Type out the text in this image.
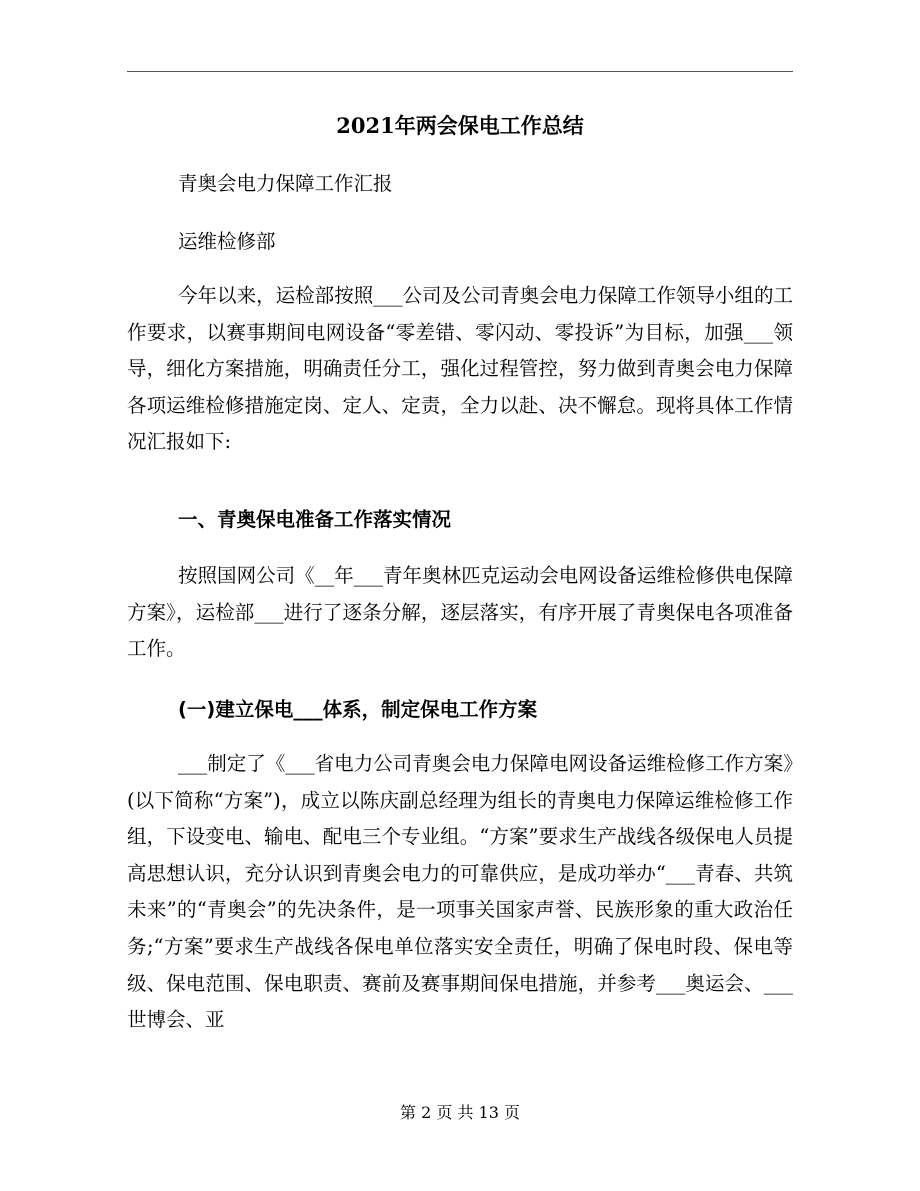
2021年两会保电工作总结
青奥会电力保障工作汇报
运维检修部
今年以来，运检部按照___公司及公司青奥会电力保障工作领导小组的工作要求，以赛事期间电网设备“零差错、零闪动、零投诉”为目标，加强___领导，细化方案措施，明确责任分工，强化过程管控，努力做到青奥会电力保障各项运维检修措施定岗、定人、定责，全力以赴、决不懈怠。现将具体工作情况汇报如下:
一、青奥保电准备工作落实情况
按照国网公司《__年___青年奥林匹克运动会电网设备运维检修供电保障方案》，运检部___进行了逐条分解，逐层落实，有序开展了青奥保电各项准备工作。
(一)建立保电___体系，制定保电工作方案
___制定了《___省电力公司青奥会电力保障电网设备运维检修工作方案》(以下简称“方案”)，成立以陈庆副总经理为组长的青奥电力保障运维检修工作组，下设变电、输电、配电三个专业组。“方案”要求生产战线各级保电人员提高思想认识，充分认识到青奥会电力的可靠供应，是成功举办“___青春、共筑未来”的“青奥会”的先决条件，是一项事关国家声誉、民族形象的重大政治任务;“方案”要求生产战线各保电单位落实安全责任，明确了保电时段、保电等级、保电范围、保电职责、赛前及赛事期间保电措施，并参考___奥运会、___世博会、亚
第 2 页 共 13 页
